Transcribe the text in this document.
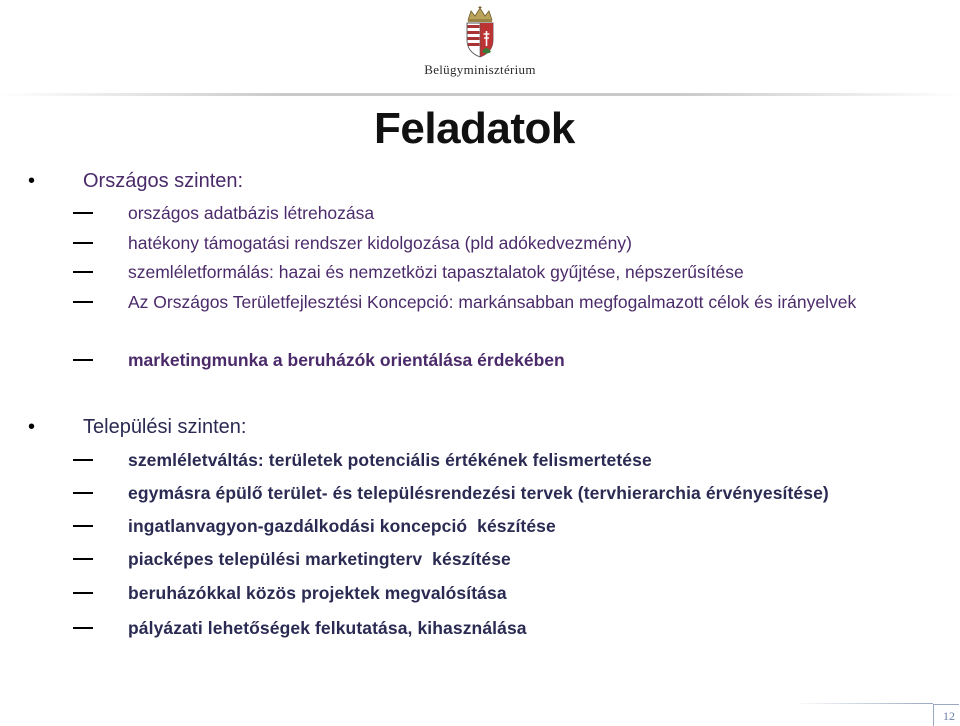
Belügyminisztérium
Feladatok
• Országos szinten:
országos adatbázis létrehozása
hatékony támogatási rendszer kidolgozása (pld adókedvezmény)
szemléletformálás: hazai és nemzetközi tapasztalatok gyűjtése, népszerűsítése
Az Országos Területfejlesztési Koncepció: markánsabban megfogalmazott célok és irányelvek
marketingmunka a beruházók orientálása érdekében
• Települési szinten:
szemléletváltás: területek potenciális értékének felismertetése
egymásra épülő terület- és településrendezési tervek (tervhierarchia érvényesítése)
ingatlanvagyon-gazdálkodási koncepció  készítése
piacképes települési marketingterv  készítése
beruházókkal közös projektek megvalósítása
pályázati lehetőségek felkutatása, kihasználása
12
